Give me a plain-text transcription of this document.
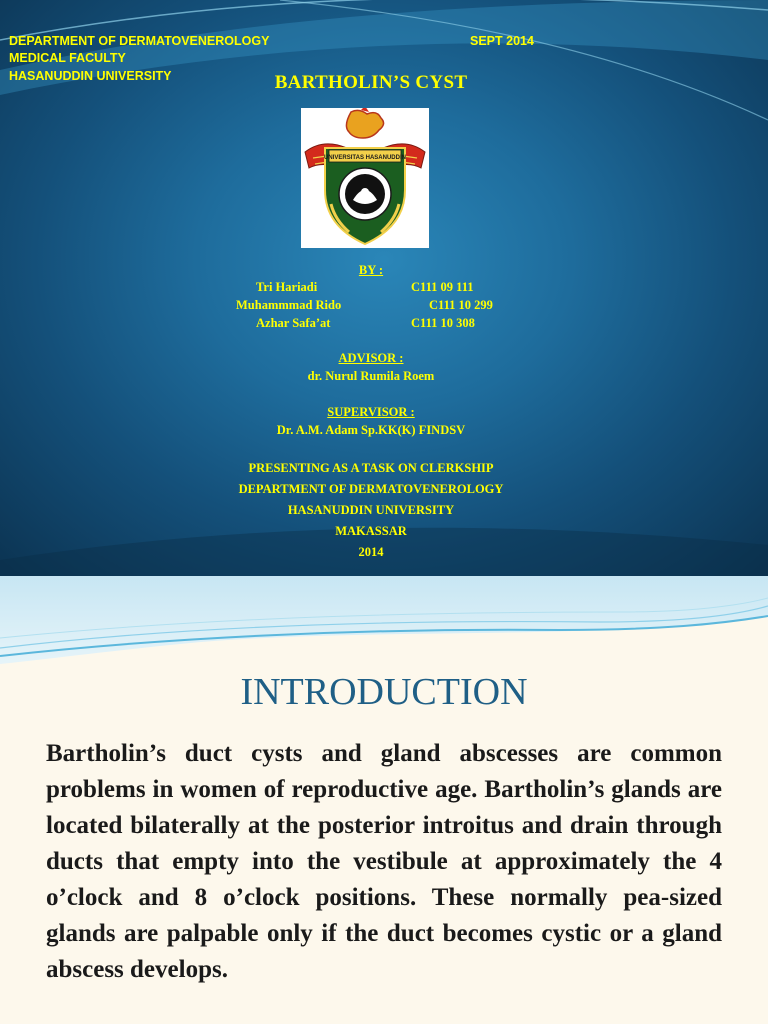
DEPARTMENT OF DERMATOVENEROLOGY
MEDICAL FACULTY
HASANUDDIN UNIVERSITY
SEPT 2014
BARTHOLIN’S CYST
UNIVERSITAS HASANUDDIN
BY :
Tri Hariadi	C111 09 111
Muhammmad Rido	C111 10 299
Azhar Safa’at	C111 10 308
ADVISOR :
dr. Nurul Rumila Roem
SUPERVISOR :
Dr. A.M. Adam Sp.KK(K) FINDSV
PRESENTING AS A TASK ON CLERKSHIP
DEPARTMENT OF DERMATOVENEROLOGY
HASANUDDIN UNIVERSITY
MAKASSAR
2014
INTRODUCTION
Bartholin’s duct cysts and gland abscesses are common problems in women of reproductive age. Bartholin’s glands are located bilaterally at the posterior introitus and drain through ducts that empty into the vestibule at approximately the 4 o’clock and 8 o’clock positions. These normally pea-sized glands are palpable only if the duct becomes cystic or a gland abscess develops.
